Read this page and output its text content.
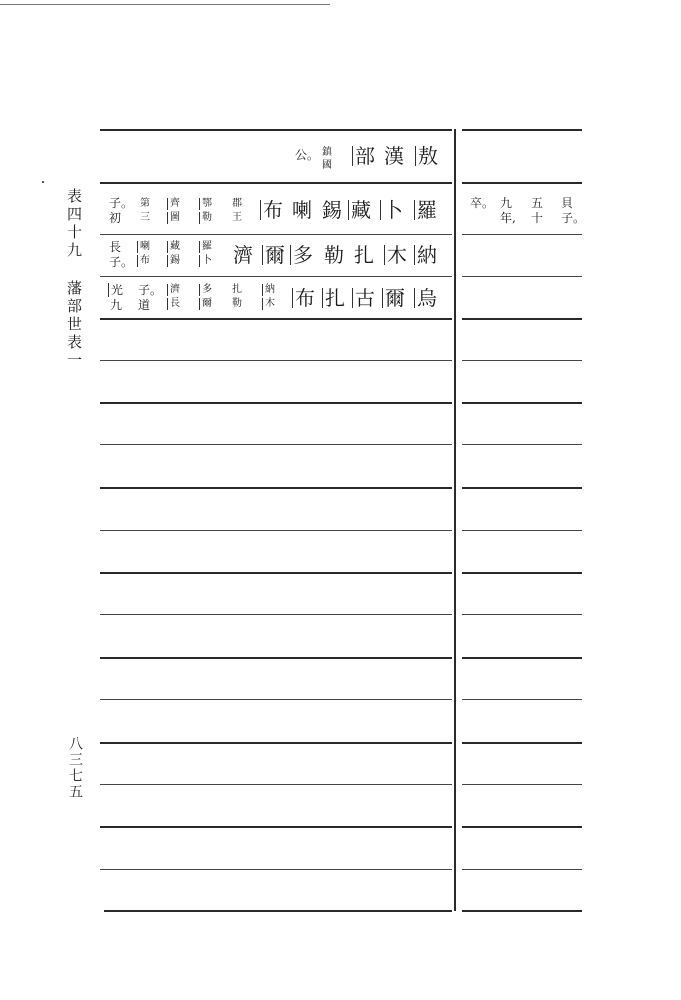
表四十九藩部世表一
八三七五
敖
漢
部
鎮
國
公。
羅
卜
藏
錫
喇
布
郡
王
鄂
勒
齊
圖
第
三
子。
初
貝
子。
五
十
九
年,
卒。
納
木
扎
勒
多
爾
濟
羅
卜
藏
錫
喇
布
長
子。
烏
爾
古
扎
布
納
木
扎
勒
多
爾
濟
長
子。
道
光
九
